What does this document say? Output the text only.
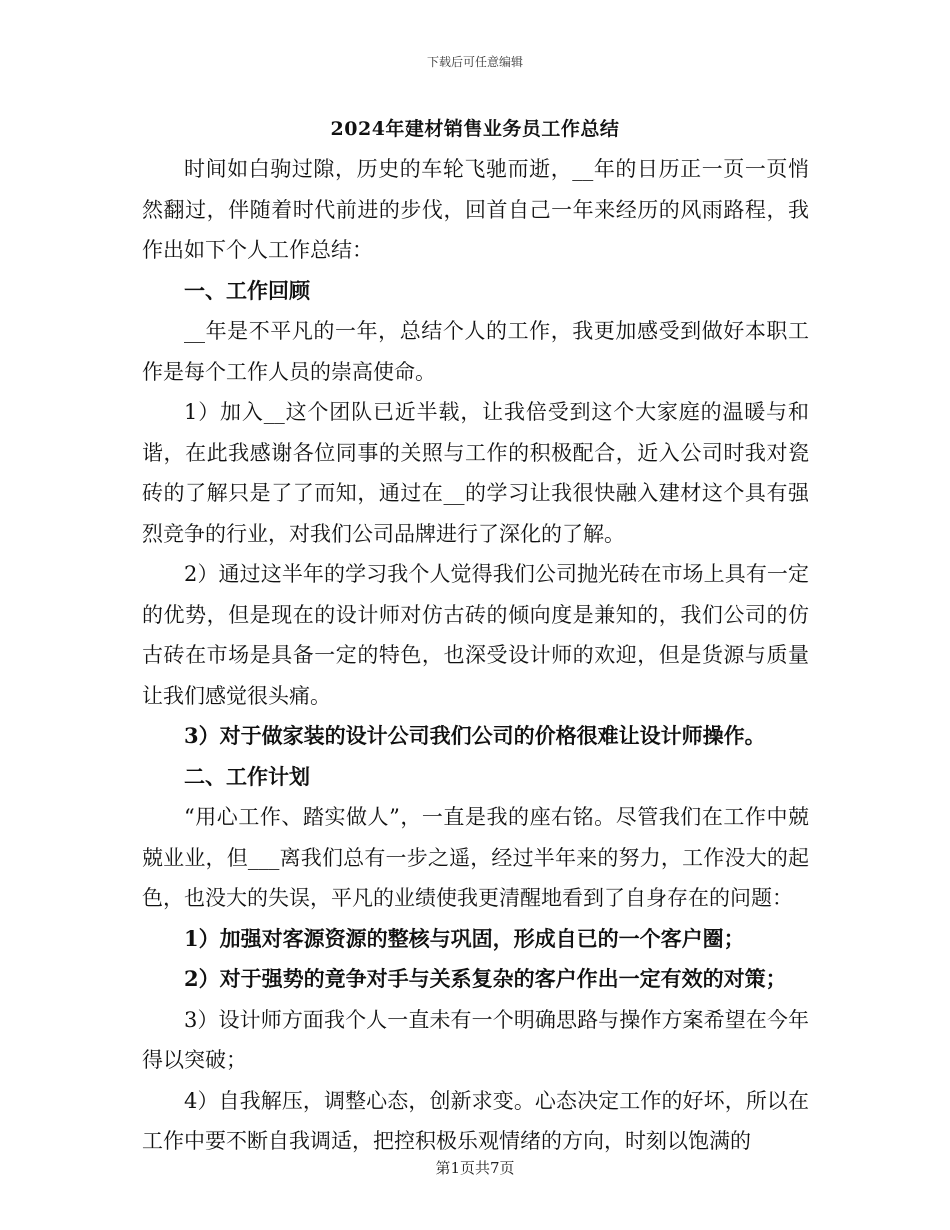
下载后可任意编辑
2024年建材销售业务员工作总结

时间如白驹过隙，历史的车轮飞驰而逝，__年的日历正一页一页悄然翻过，伴随着时代前进的步伐，回首自己一年来经历的风雨路程，我作出如下个人工作总结：

一、工作回顾

__年是不平凡的一年，总结个人的工作，我更加感受到做好本职工作是每个工作人员的崇高使命。

1）加入__这个团队已近半载，让我倍受到这个大家庭的温暖与和谐，在此我感谢各位同事的关照与工作的积极配合，近入公司时我对瓷砖的了解只是了了而知，通过在__的学习让我很快融入建材这个具有强烈竞争的行业，对我们公司品牌进行了深化的了解。

2）通过这半年的学习我个人觉得我们公司抛光砖在市场上具有一定的优势，但是现在的设计师对仿古砖的倾向度是兼知的，我们公司的仿古砖在市场是具备一定的特色，也深受设计师的欢迎，但是货源与质量让我们感觉很头痛。

3）对于做家装的设计公司我们公司的价格很难让设计师操作。

二、工作计划

“用心工作、踏实做人”，一直是我的座右铭。尽管我们在工作中兢兢业业，但___离我们总有一步之遥，经过半年来的努力，工作没大的起色，也没大的失误，平凡的业绩使我更清醒地看到了自身存在的问题：

1）加强对客源资源的整核与巩固，形成自已的一个客户圈；

2）对于强势的竟争对手与关系复杂的客户作出一定有效的对策；

3）设计师方面我个人一直未有一个明确思路与操作方案希望在今年得以突破；

4）自我解压，调整心态，创新求变。心态决定工作的好坏，所以在工作中要不断自我调适，把控积极乐观情绪的方向，时刻以饱满的

第1页共7页
